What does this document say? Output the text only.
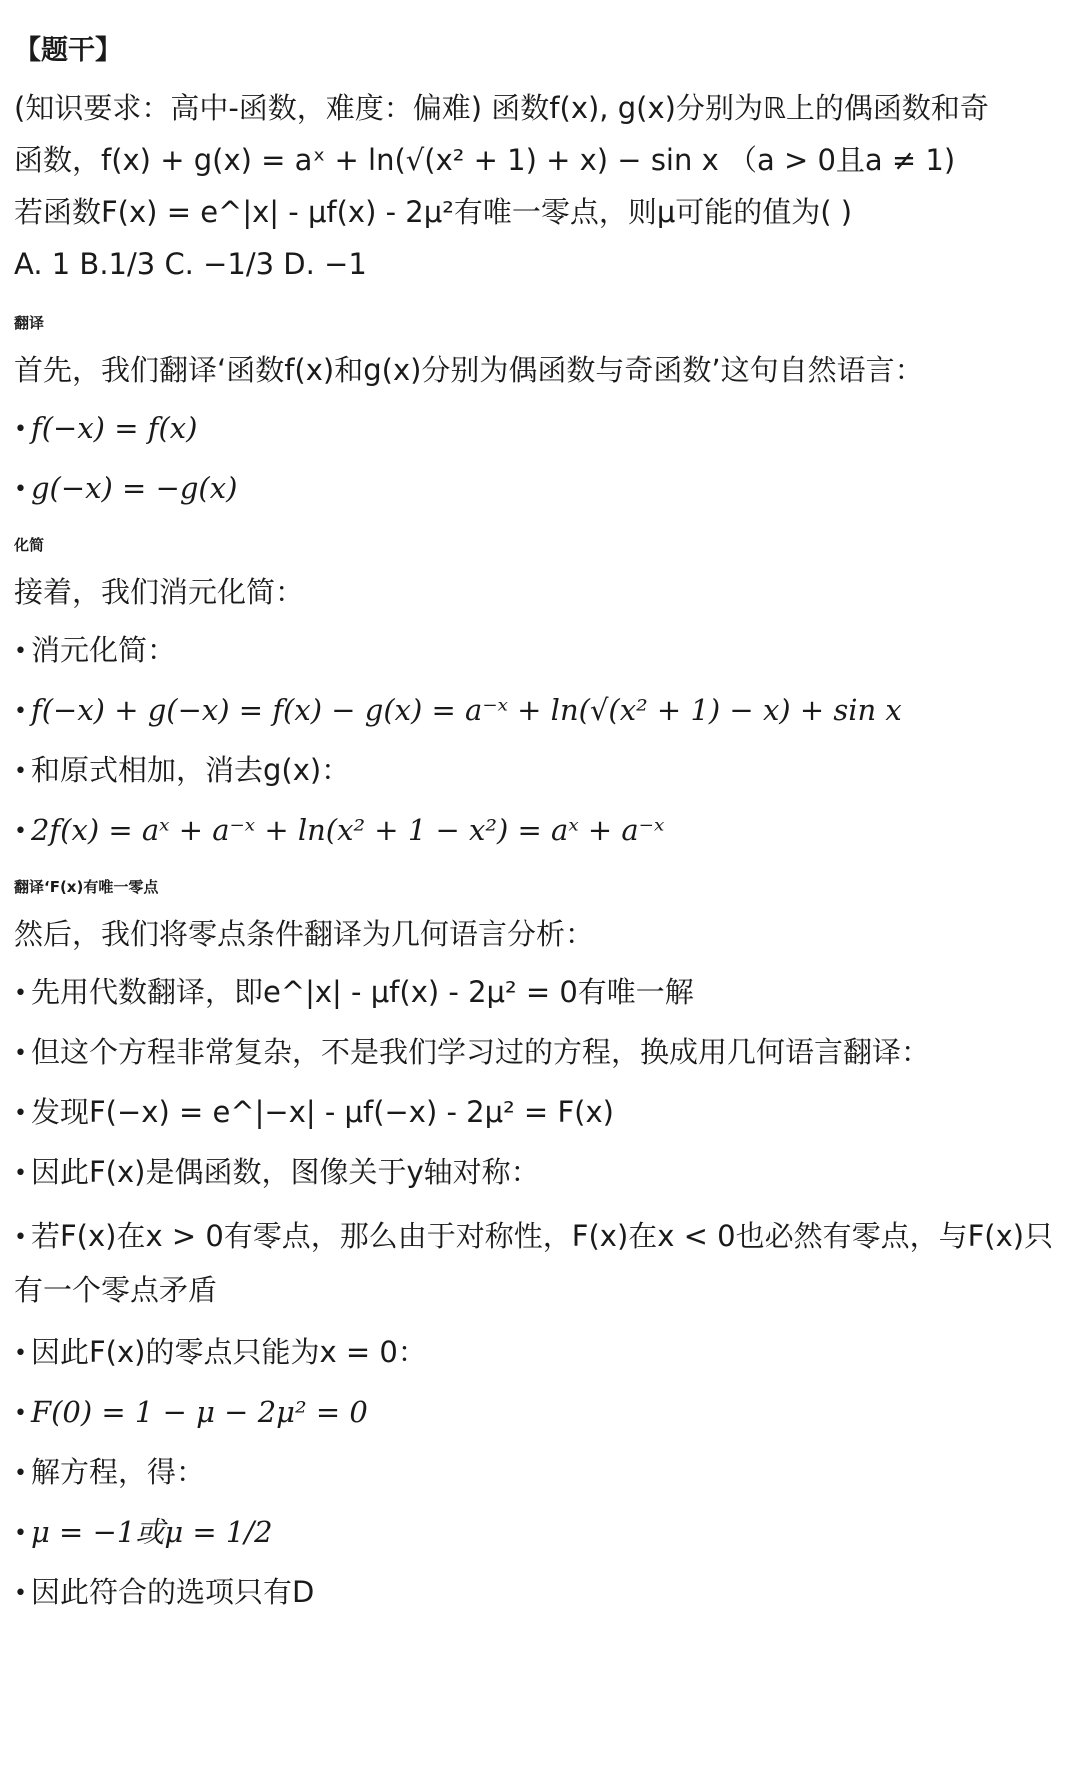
【题干】

(知识要求：高中-函数，难度：偏难) 函数f(x), g(x)分别为ℝ上的偶函数和奇

函数，f(x) + g(x) = aˣ + ln(√(x² + 1) + x) − sin x （a > 0且a ≠ 1)

若函数F(x) = e^|x| - μf(x) - 2μ²有唯一零点，则μ可能的值为( )

A. 1 B.1/3 C. −1/3 D. −1

翻译

首先，我们翻译‘函数f(x)和g(x)分别为偶函数与奇函数’这句自然语言：

• f(−x) = f(x)

• g(−x) = −g(x)

化简

接着，我们消元化简：

• 消元化简：

• f(−x) + g(−x) = f(x) − g(x) = a⁻ˣ + ln(√(x² + 1) − x) + sin x

• 和原式相加，消去g(x)：

• 2f(x) = aˣ + a⁻ˣ + ln(x² + 1 − x²) = aˣ + a⁻ˣ

翻译‘F(x)有唯一零点

然后，我们将零点条件翻译为几何语言分析：

• 先用代数翻译，即e^|x| - μf(x) - 2μ² = 0有唯一解

• 但这个方程非常复杂，不是我们学习过的方程，换成用几何语言翻译：

• 发现F(−x) = e^|−x| - μf(−x) - 2μ² = F(x)

• 因此F(x)是偶函数，图像关于y轴对称：

• 若F(x)在x > 0有零点，那么由于对称性，F(x)在x < 0也必然有零点，与F(x)只有一个零点矛盾

• 因此F(x)的零点只能为x = 0：

• F(0) = 1 − μ − 2μ² = 0

• 解方程，得：

• μ = −1或μ = 1/2

• 因此符合的选项只有D
